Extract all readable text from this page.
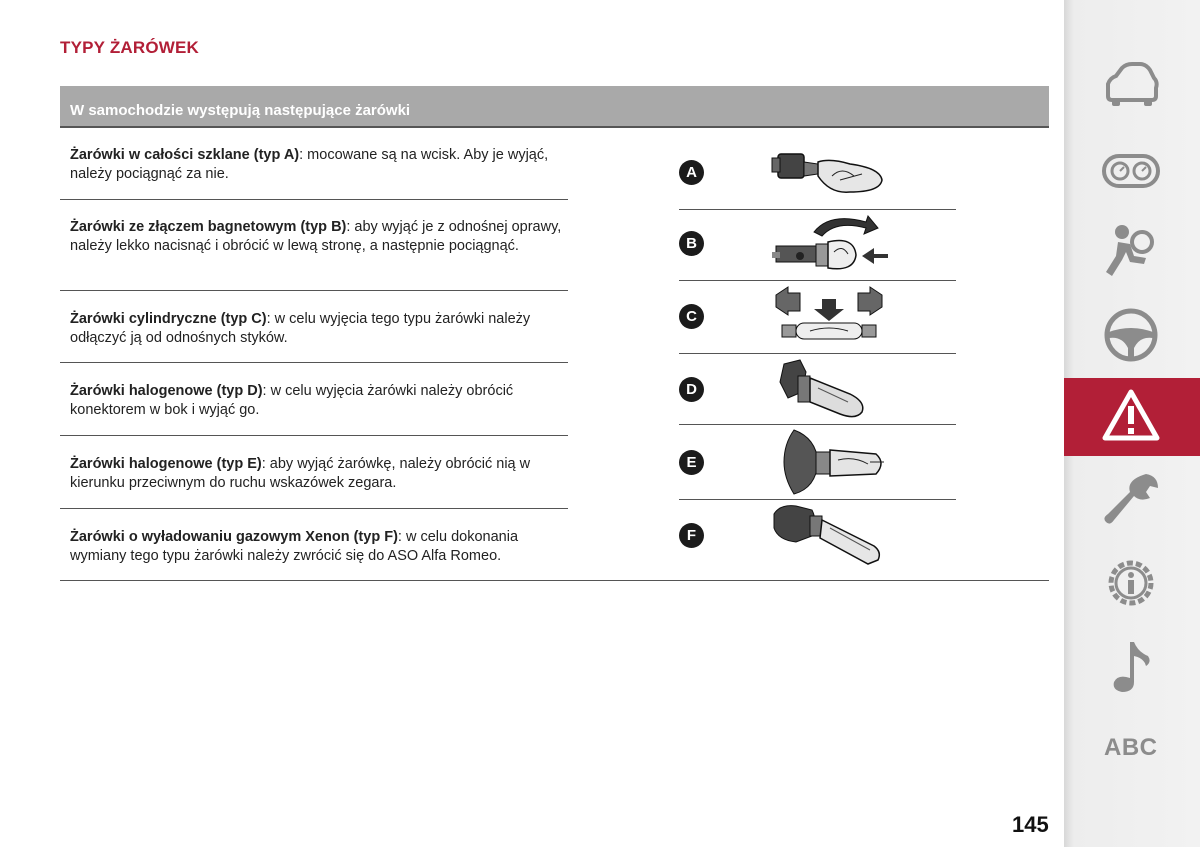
TYPY ŻARÓWEK
W samochodzie występują następujące żarówki
Żarówki w całości szklane (typ A): mocowane są na wcisk. Aby je wyjąć, należy pociągnąć za nie.
Żarówki ze złączem bagnetowym (typ B): aby wyjąć je z odnośnej oprawy, należy lekko nacisnąć i obrócić w lewą stronę, a następnie pociągnąć.
Żarówki cylindryczne (typ C): w celu wyjęcia tego typu żarówki należy odłączyć ją od odnośnych styków.
Żarówki halogenowe (typ D): w celu wyjęcia żarówki należy obrócić konektorem w bok i wyjąć go.
Żarówki halogenowe (typ E): aby wyjąć żarówkę, należy obrócić nią w kierunku przeciwnym do ruchu wskazówek zegara.
Żarówki o wyładowaniu gazowym Xenon (typ F): w celu dokonania wymiany tego typu żarówki należy zwrócić się do ASO Alfa Romeo.
A
B
C
D
E
F
ABC
145
